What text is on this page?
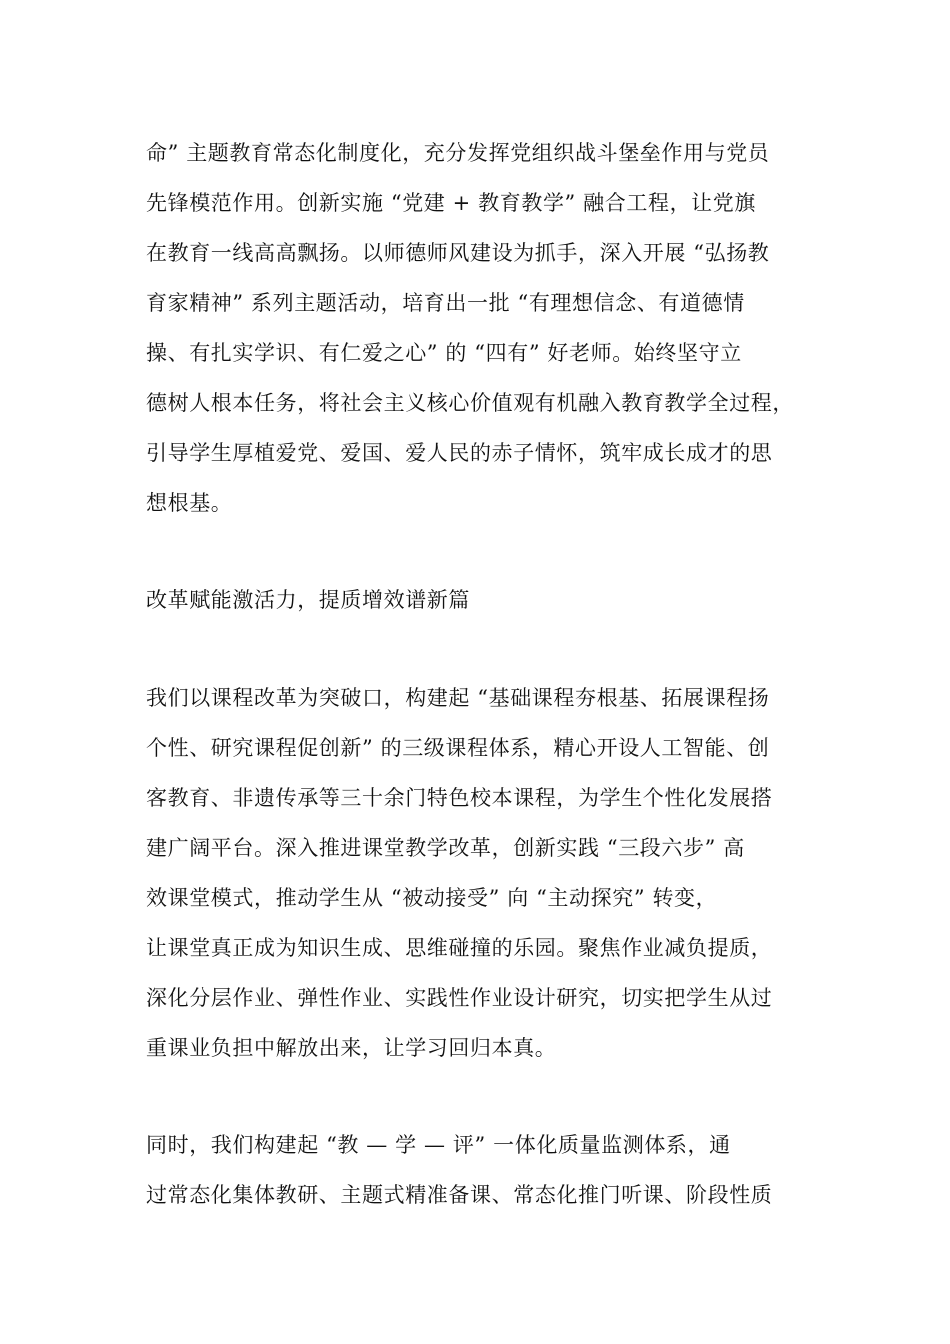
命” 主题教育常态化制度化，充分发挥党组织战斗堡垒作用与党员
先锋模范作用。创新实施 “党建 + 教育教学” 融合工程，让党旗
在教育一线高高飘扬。以师德师风建设为抓手，深入开展 “弘扬教
育家精神” 系列主题活动，培育出一批 “有理想信念、有道德情
操、有扎实学识、有仁爱之心” 的 “四有” 好老师。始终坚守立
德树人根本任务，将社会主义核心价值观有机融入教育教学全过程，
引导学生厚植爱党、爱国、爱人民的赤子情怀，筑牢成长成才的思
想根基。
改革赋能激活力，提质增效谱新篇
我们以课程改革为突破口，构建起 “基础课程夯根基、拓展课程扬
个性、研究课程促创新” 的三级课程体系，精心开设人工智能、创
客教育、非遗传承等三十余门特色校本课程，为学生个性化发展搭
建广阔平台。深入推进课堂教学改革，创新实践 “三段六步” 高
效课堂模式，推动学生从 “被动接受” 向 “主动探究” 转变，
让课堂真正成为知识生成、思维碰撞的乐园。聚焦作业减负提质，
深化分层作业、弹性作业、实践性作业设计研究，切实把学生从过
重课业负担中解放出来，让学习回归本真。
同时，我们构建起 “教 — 学 — 评” 一体化质量监测体系，通
过常态化集体教研、主题式精准备课、常态化推门听课、阶段性质
